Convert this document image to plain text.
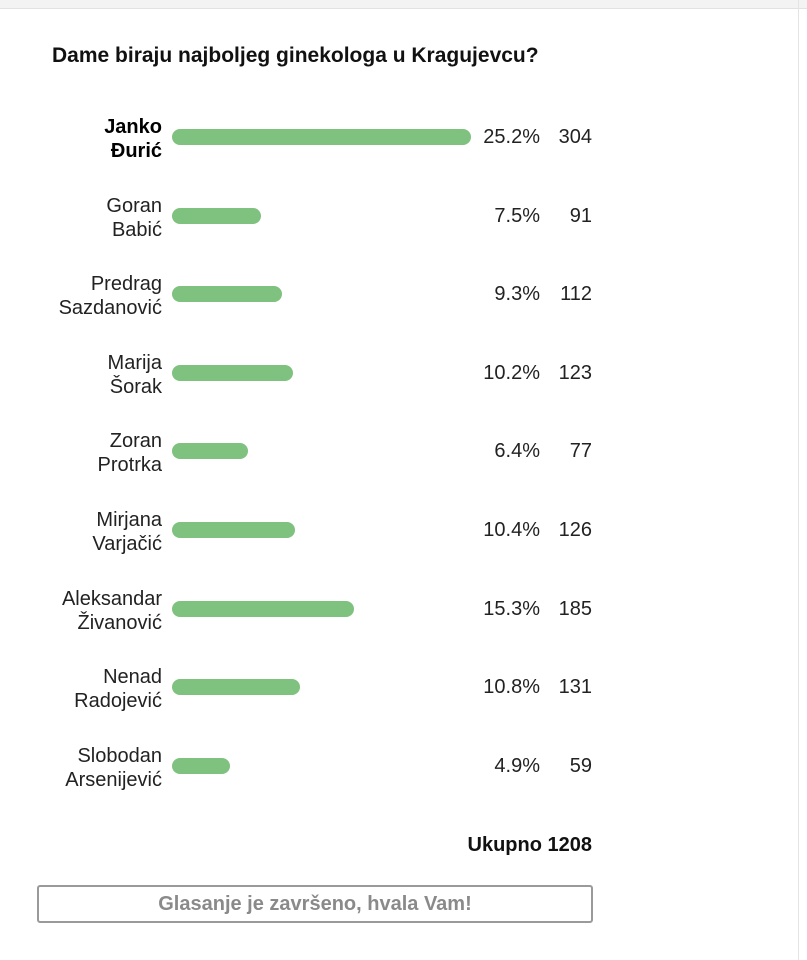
Dame biraju najboljeg ginekologa u Kragujevcu?
Janko
Đurić
25.2% 304
Goran
Babić
7.5%	91
Predrag
Sazdanović
9.3%	112
Marija
Šorak
10.2% 123
Zoran
Protrka
6.4%	77
Mirjana
Varjačić
10.4% 126
Aleksandar
Živanović
15.3% 185
Nenad
Radojević
10.8% 131
Slobodan
Arsenijević
4.9%	59
Ukupno 1208
Glasanje je završeno, hvala Vam!
